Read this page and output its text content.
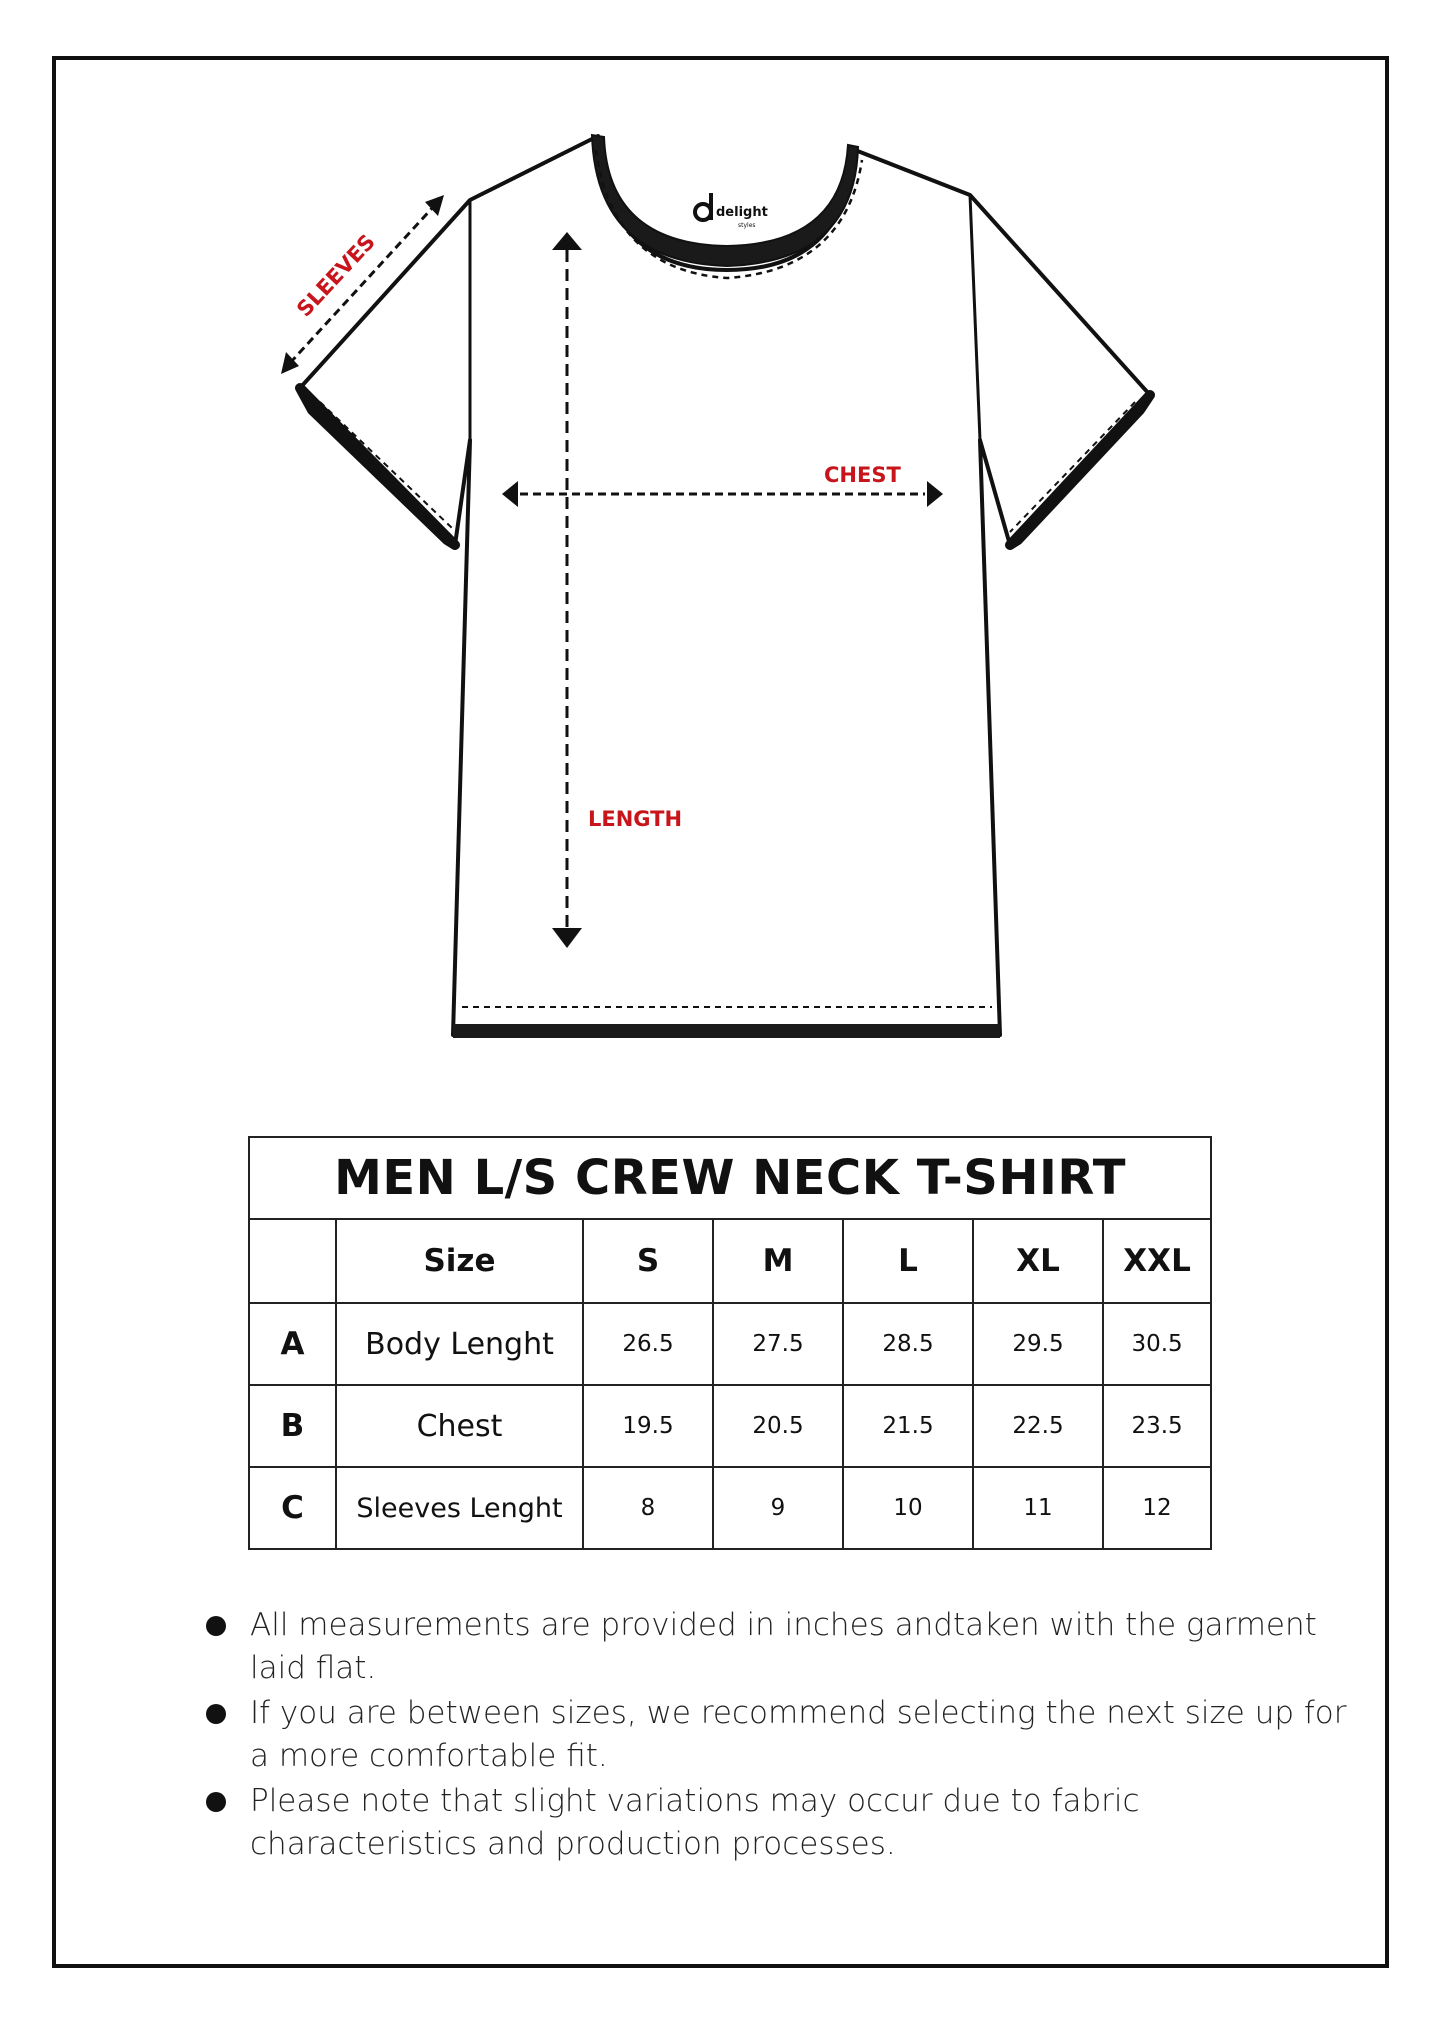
delight
styles
SLEEVES
LENGTH
CHEST
MEN L/S CREW NECK T-SHIRT						
	Size	S	M	L	XL	XXL
A	Body Lenght	26.5	27.5	28.5	29.5	30.5
B	Chest	19.5	20.5	21.5	22.5	23.5
C	Sleeves Lenght	8	9	10	11	12
All measurements are provided in inches andtaken with the garment laid flat.
If you are between sizes, we recommend selecting the next size up for a more comfortable fit.
Please note that slight variations may occur due to fabric characteristics and production processes.
